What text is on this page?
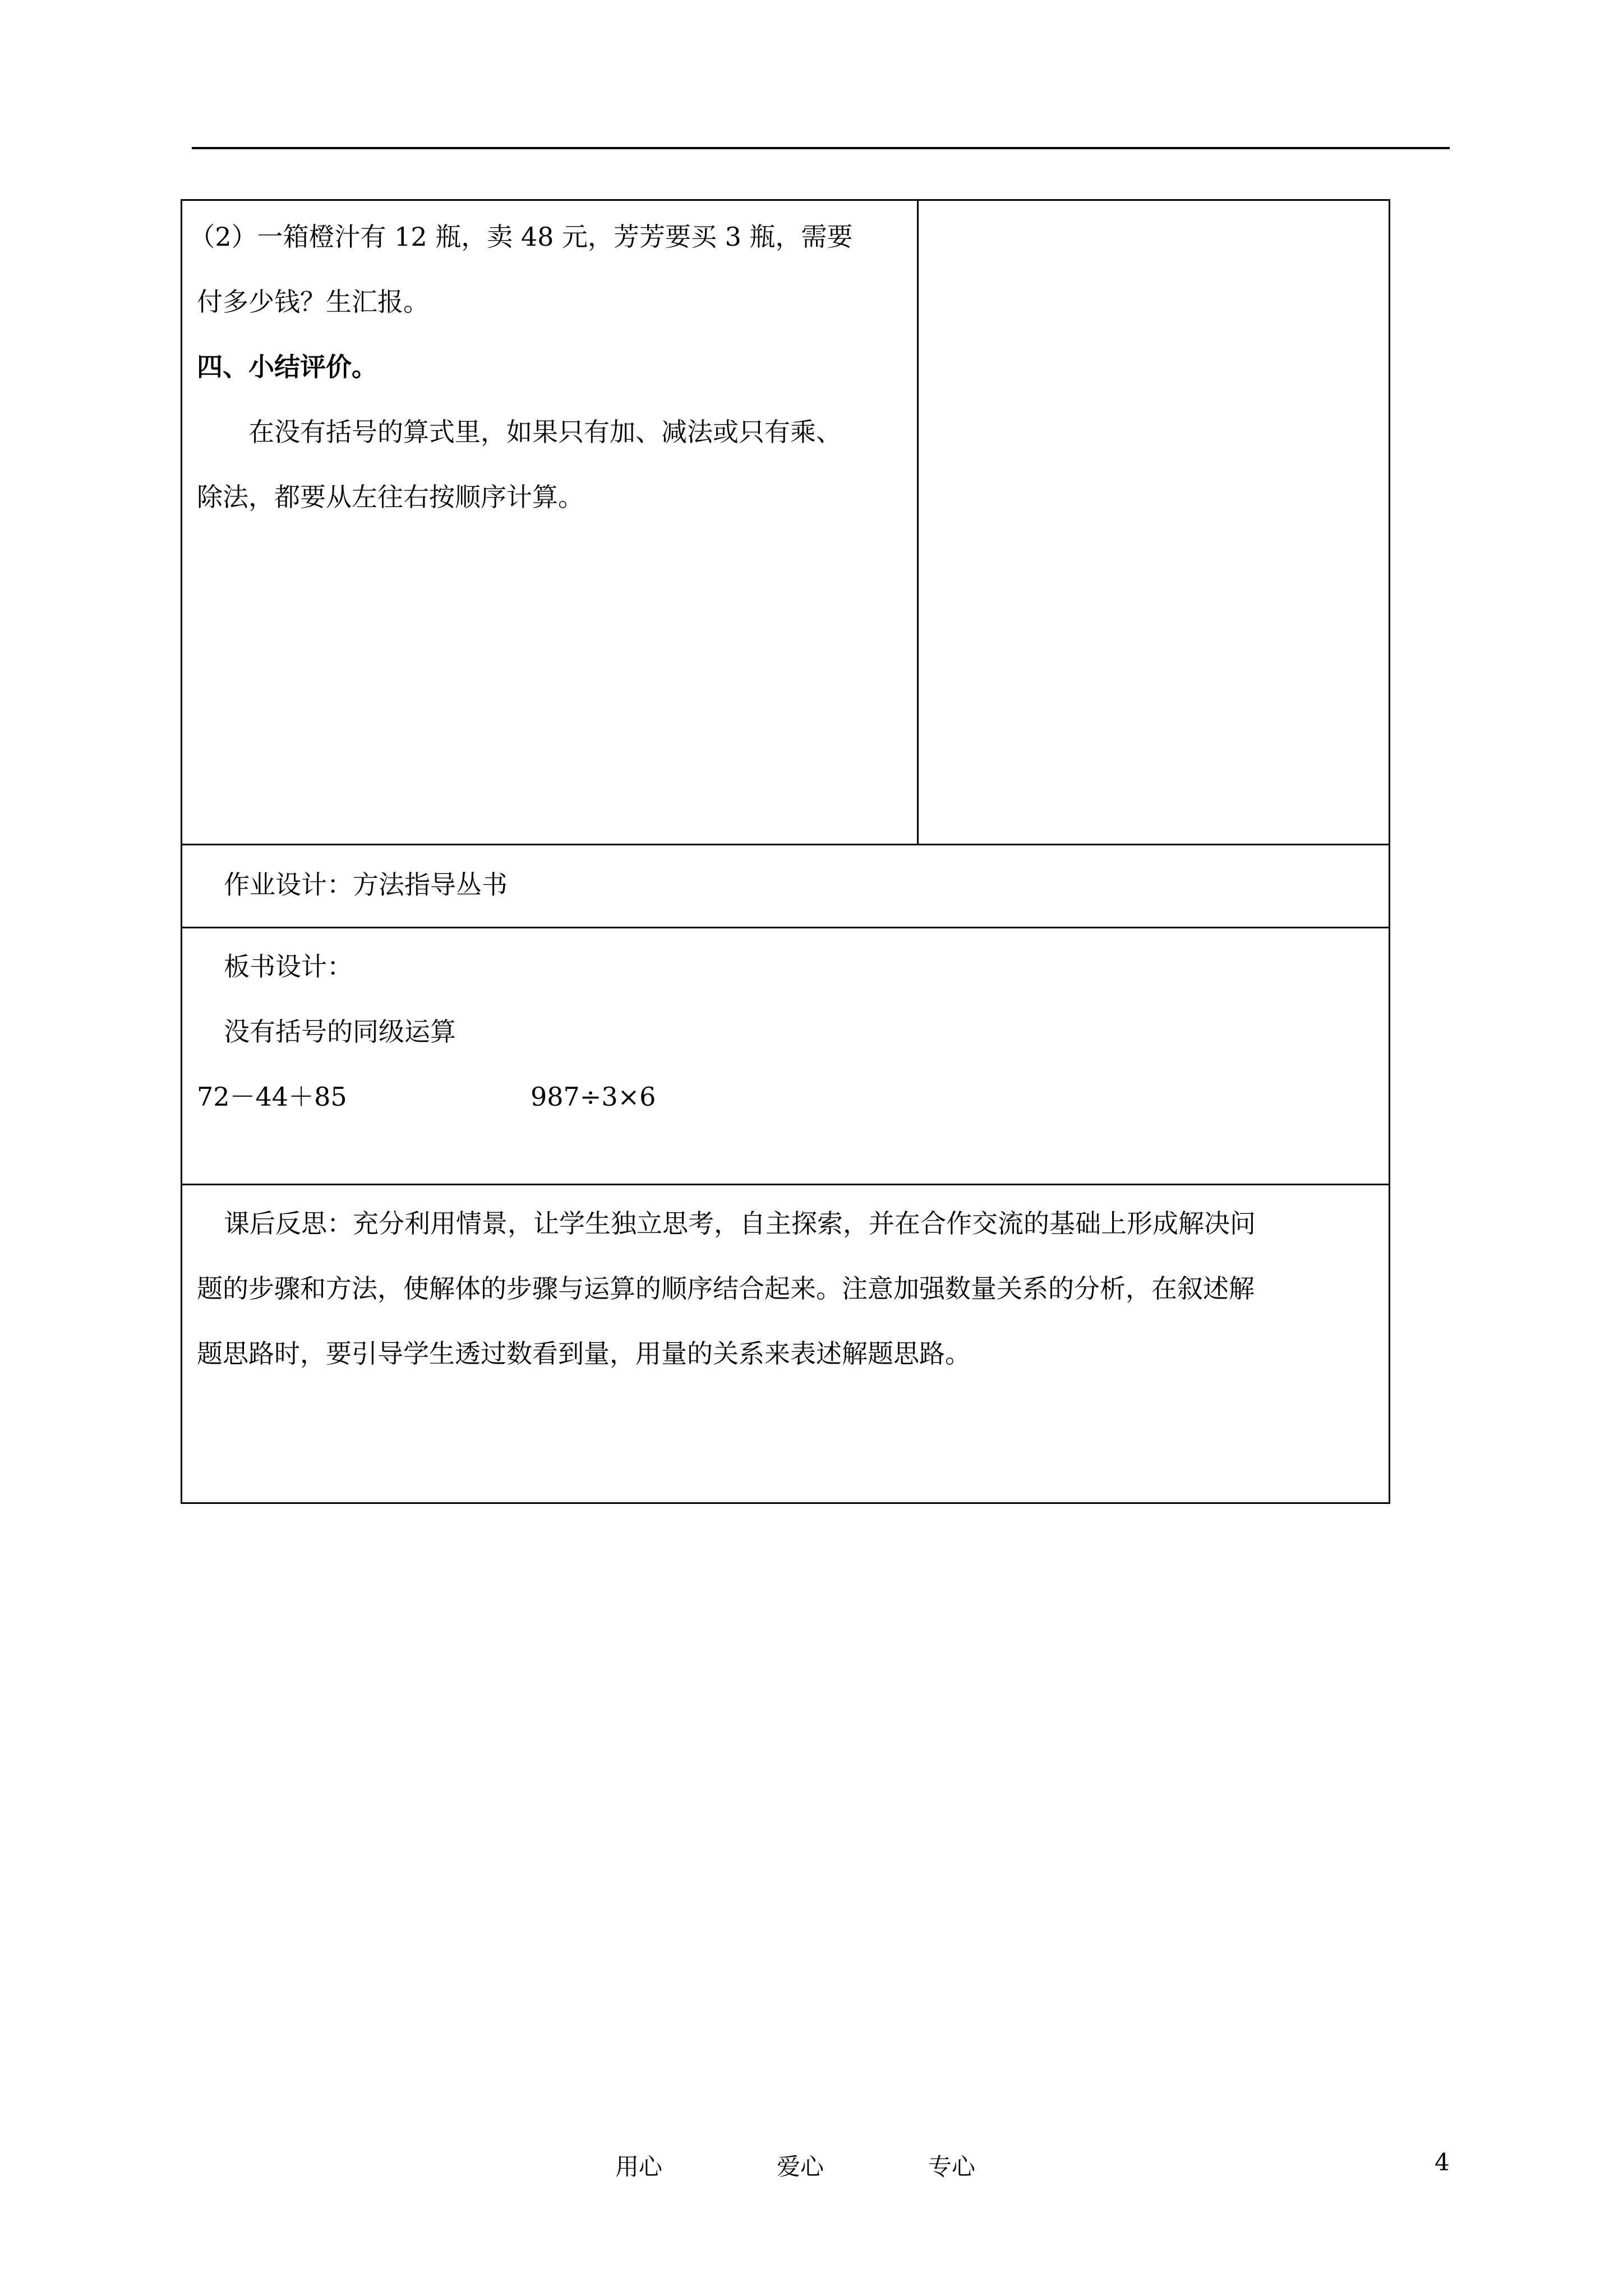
（2）一箱橙汁有 12 瓶，卖 48 元，芳芳要买 3 瓶，需要

付多少钱？生汇报。

四、小结评价。

在没有括号的算式里，如果只有加、减法或只有乘、

除法，都要从左往右按顺序计算。

作业设计：方法指导丛书

板书设计：

没有括号的同级运算

72－44＋85	987÷3×6

课后反思：充分利用情景，让学生独立思考，自主探索，并在合作交流的基础上形成解决问

题的步骤和方法，使解体的步骤与运算的顺序结合起来。注意加强数量关系的分析，在叙述解

题思路时，要引导学生透过数看到量，用量的关系来表述解题思路。

用心	爱心	专心	4
